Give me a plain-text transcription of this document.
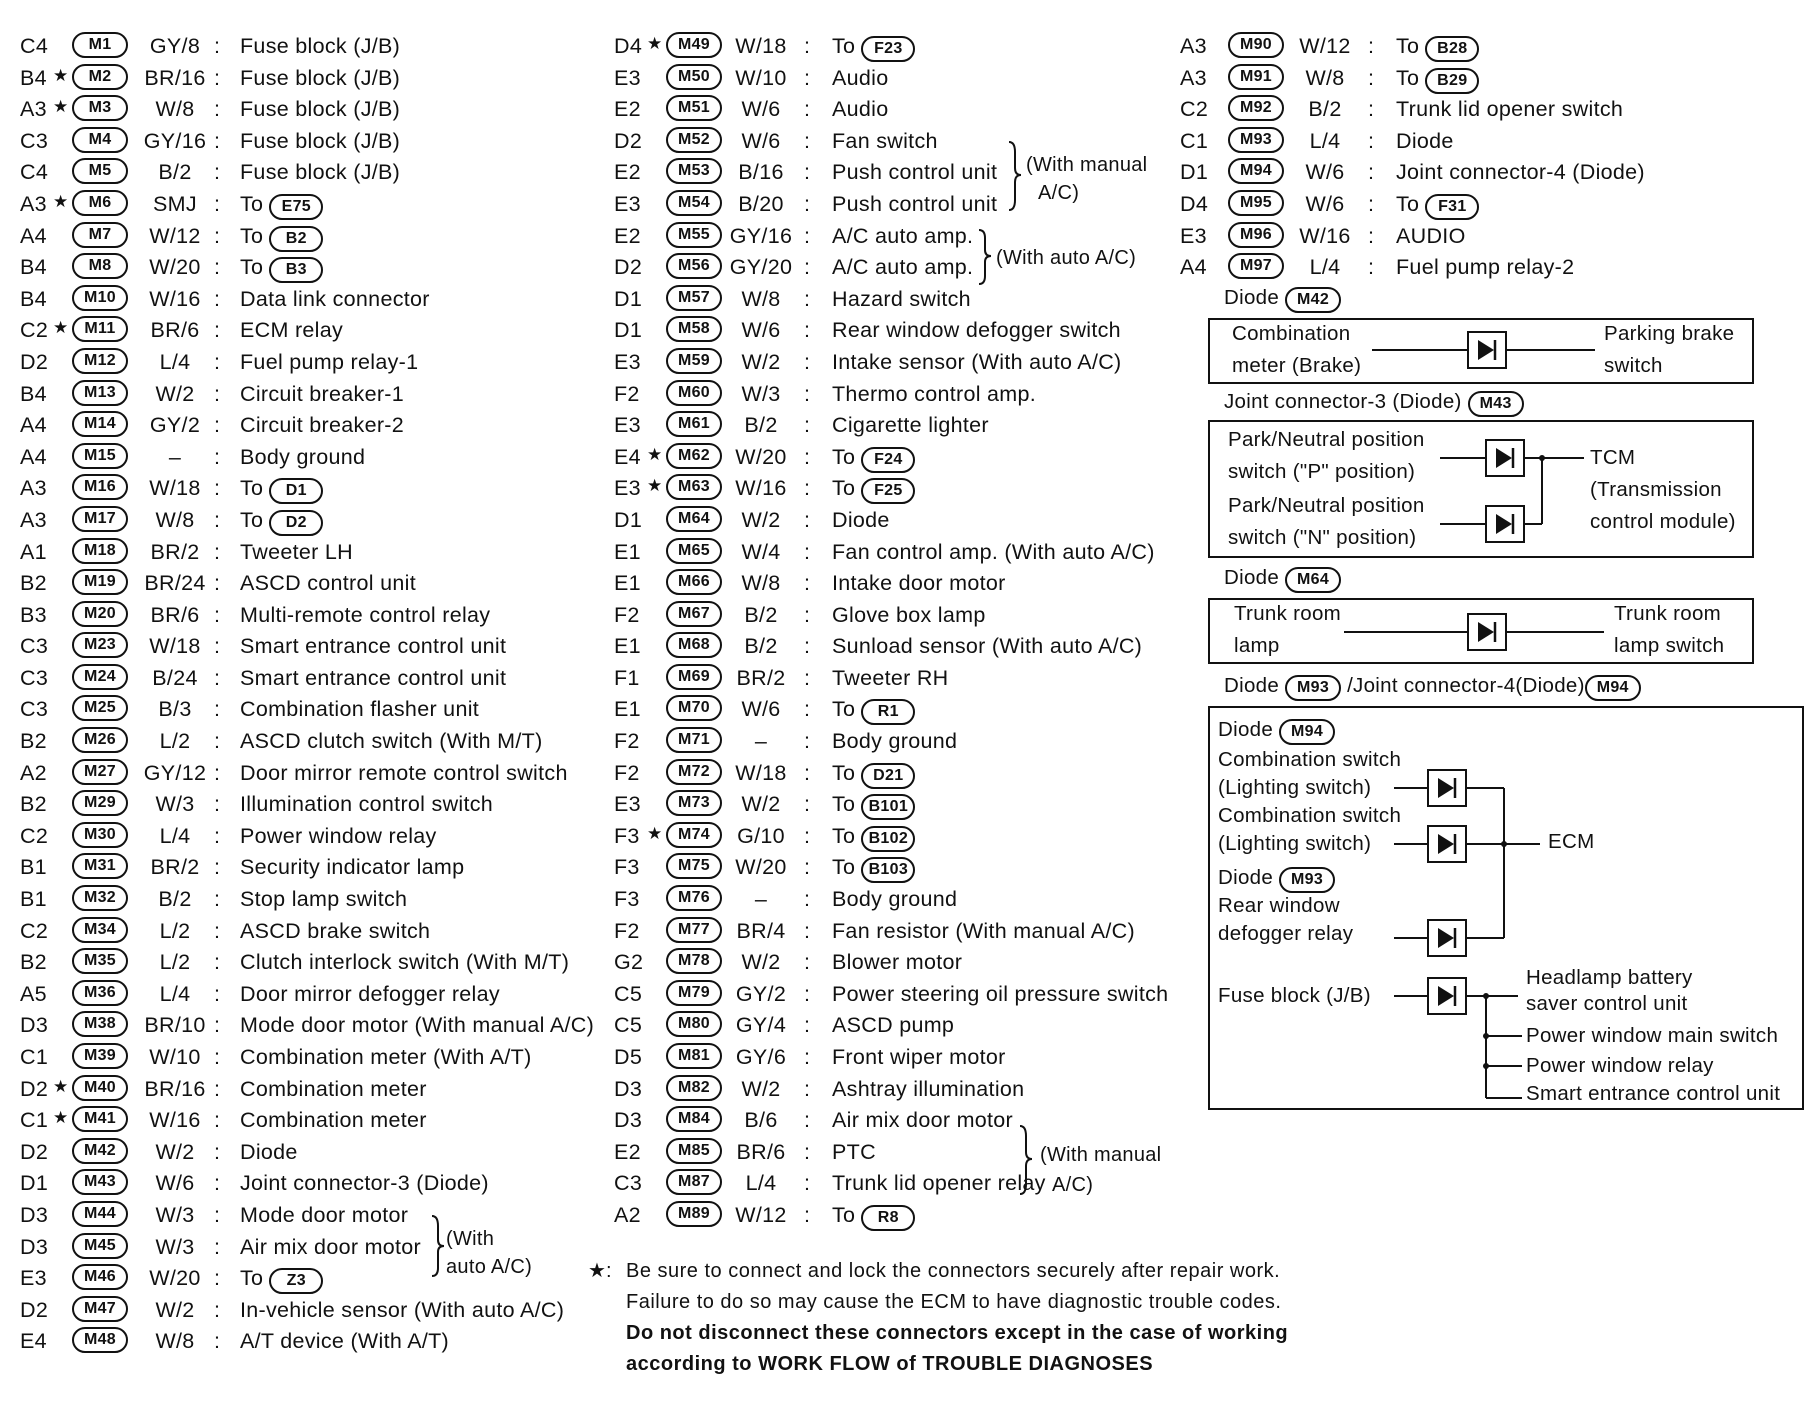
C4	M1	GY/8 : Fuse block (J/B)
B4 ★	M2	BR/16 : Fuse block (J/B)
A3 ★	M3	W/8 : Fuse block (J/B)
C3	M4	GY/16 : Fuse block (J/B)
C4	M5	B/2	: Fuse block (J/B)
A3 ★	M6	SMJ : To E75
A4	M7	W/12 : To B2
B4	M8	W/20 : To B3
B4	M10	W/16 : Data link connector
C2 ★ M11	BR/6 : ECM relay
D2	M12	L/4	: Fuel pump relay-1
B4	M13	W/2 : Circuit breaker-1
A4	M14	GY/2 : Circuit breaker-2
A4	M15	–	: Body ground
A3	M16	W/18 : To D1
A3	M17	W/8 : To D2
A1	M18	BR/2 : Tweeter LH
B2	M19	BR/24 : ASCD control unit
B3	M20	BR/6 : Multi-remote control relay
C3	M23	W/18 : Smart entrance control unit
C3	M24	B/24 : Smart entrance control unit
C3	M25	B/3	: Combination flasher unit
B2	M26	L/2	: ASCD clutch switch (With M/T)
A2	M27	GY/12 : Door mirror remote control switch
B2	M29	W/3 : Illumination control switch
C2	M30	L/4	: Power window relay
B1	M31	BR/2 : Security indicator lamp
B1	M32	B/2	: Stop lamp switch
C2	M34	L/2	: ASCD brake switch
B2	M35	L/2	: Clutch interlock switch (With M/T)
A5	M36	L/4	: Door mirror defogger relay
D3	M38	BR/10 : Mode door motor (With manual A/C)
C1	M39	W/10 : Combination meter (With A/T)
D2 ★ M40	BR/16 : Combination meter
C1 ★ M41	W/16 : Combination meter
D2	M42	W/2 : Diode
D1	M43	W/6 : Joint connector-3 (Diode)
D3	M44	W/3 : Mode door motor
D3	M45	W/3 : Air mix door motor
E3	M46	W/20 : To Z3
D2	M47	W/2 : In-vehicle sensor (With auto A/C)
E4	M48	W/8 : A/T device (With A/T)
D4 ★ M49	W/18 : To F23
E3	M50	W/10 : Audio
E2	M51	W/6	: Audio
D2	M52	W/6	: Fan switch
E2	M53	B/16 : Push control unit
E3	M54	B/20 : Push control unit
E2	M55 GY/16 : A/C auto amp.
D2	M56 GY/20 : A/C auto amp.
D1	M57	W/8	: Hazard switch
D1	M58	W/6	: Rear window defogger switch
E3	M59	W/2	: Intake sensor (With auto A/C)
F2	M60	W/3	: Thermo control amp.
E3	M61	B/2	: Cigarette lighter
E4 ★ M62	W/20 : To F24
E3 ★ M63	W/16 : To F25
D1	M64	W/2	: Diode
E1	M65	W/4	: Fan control amp. (With auto A/C)
E1	M66	W/8	: Intake door motor
F2	M67	B/2	: Glove box lamp
E1	M68	B/2	: Sunload sensor (With auto A/C)
F1	M69	BR/2 : Tweeter RH
E1	M70	W/6	: To R1
F2	M71	–	: Body ground
F2	M72	W/18 : To D21
E3	M73	W/2	: To B101
F3 ★ M74	G/10 : To B102
F3	M75	W/20 : To B103
F3	M76	–	: Body ground
F2	M77	BR/4 : Fan resistor (With manual A/C)
G2	M78	W/2	: Blower motor
C5	M79	GY/2 : Power steering oil pressure switch
C5	M80	GY/4 : ASCD pump
D5	M81	GY/6 : Front wiper motor
D3	M82	W/2	: Ashtray illumination
D3	M84	B/6	: Air mix door motor
E2	M85	BR/6 : PTC
C3	M87	L/4	: Trunk lid opener relay
A2	M89	W/12 : To R8
A3	M90	W/12 : To B28
A3	M91	W/8	: To B29
C2	M92	B/2	: Trunk lid opener switch
C1	M93	L/4	: Diode
D1	M94	W/6	: Joint connector-4 (Diode)
D4	M95	W/6	: To F31
E3	M96	W/16 : AUDIO
A4	M97	L/4	: Fuel pump relay-2
(With
auto A/C)
(With manual
A/C)
(With auto A/C)
(With manual
A/C)
Diode M42
Combination
meter (Brake)
Parking brake
switch
Joint connector-3 (Diode) M43
Park/Neutral position
switch ("P" position)
Park/Neutral position
switch ("N" position)
TCM
(Transmission
control module)
Diode M64
Trunk room
lamp
Trunk room
lamp switch
Diode M93 /Joint connector-4(Diode) M94
Diode M94
Combination switch
(Lighting switch)
Combination switch
(Lighting switch)
Diode M93
Rear window
defogger relay
ECM
Fuse block (J/B)
Headlamp battery
saver control unit
Power window main switch
Power window relay
Smart entrance control unit
★ : Be sure to connect and lock the connectors securely after repair work.
Failure to do so may cause the ECM to have diagnostic trouble codes.
Do not disconnect these connectors except in the case of working
according to WORK FLOW of TROUBLE DIAGNOSES
